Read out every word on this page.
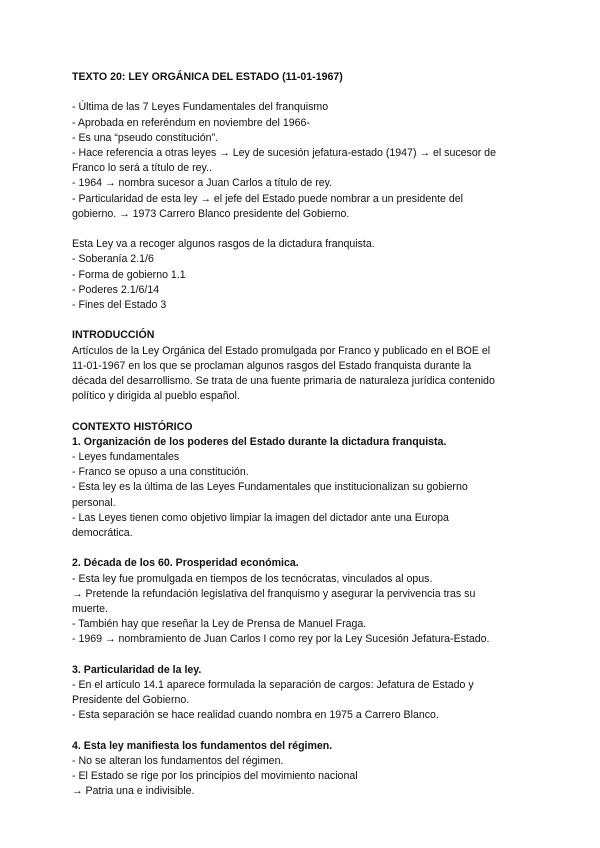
TEXTO 20: LEY ORGÁNICA DEL ESTADO (11-01-1967)
- Última de las 7 Leyes Fundamentales del franquismo
- Aprobada en referéndum en noviembre del 1966-
- Es una “pseudo constitución”.
- Hace referencia a otras leyes → Ley de sucesión jefatura-estado (1947) → el sucesor de
Franco lo será a título de rey..
- 1964 → nombra sucesor a Juan Carlos a título de rey.
- Particularidad de esta ley → el jefe del Estado puede nombrar a un presidente del
gobierno. → 1973 Carrero Blanco presidente del Gobierno.
Esta Ley va a recoger algunos rasgos de la dictadura franquista.
- Soberanía 2.1/6
- Forma de gobierno 1.1
- Poderes 2.1/6/14
- Fines del Estado 3
INTRODUCCIÓN
Artículos de la Ley Orgánica del Estado promulgada por Franco y publicado en el BOE el
11-01-1967 en los que se proclaman algunos rasgos del Estado franquista durante la
década del desarrollismo. Se trata de una fuente primaria de naturaleza jurídica contenido
político y dirigida al pueblo español.
CONTEXTO HISTÓRICO
1. Organización de los poderes del Estado durante la dictadura franquista.
- Leyes fundamentales
- Franco se opuso a una constitución.
- Esta ley es la última de las Leyes Fundamentales que institucionalizan su gobierno
personal.
- Las Leyes tienen como objetivo limpiar la imagen del dictador ante una Europa
democrática.
2. Década de los 60. Prosperidad económica.
- Esta ley fue promulgada en tiempos de los tecnócratas, vinculados al opus.
→ Pretende la refundación legislativa del franquismo y asegurar la pervivencia tras su
muerte.
- También hay que reseñar la Ley de Prensa de Manuel Fraga.
- 1969 → nombramiento de Juan Carlos I como rey por la Ley Sucesión Jefatura-Estado.
3. Particularidad de la ley.
- En el artículo 14.1 aparece formulada la separación de cargos: Jefatura de Estado y
Presidente del Gobierno.
- Esta separación se hace realidad cuando nombra en 1975 a Carrero Blanco.
4. Esta ley manifiesta los fundamentos del régimen.
- No se alteran los fundamentos del régimen.
- El Estado se rige por los principios del movimiento nacional
→ Patria una e indivisible.
